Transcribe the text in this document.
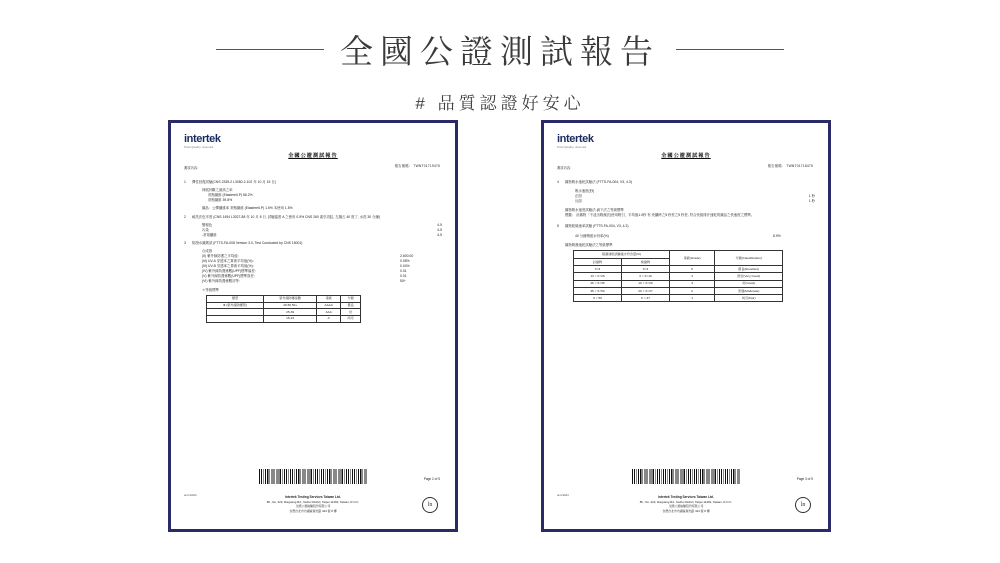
全國公證測試報告
# 品質認證好安心
intertek
Total Quality. Assured.
全國公證測試報告
報告號碼： TWNT01719475
測試內容：
1	彈性回復試驗(CNS 2339-2 L3050-2-102 年 10 月 15 日)
伸展折斷之最高之率
常態織維 (Elasterell-P) 66.2%
常態織維 39.8%
織品：公彈纖維率 常態織維 (Elasterell-P) 1.5% 本使用 1.5%
2	耐洗法色牢度 (CNS 1494 L3027-88 年 10 月 8 日, 試驗溫度 A 之使用 0.5% CNS 260 素引浴缸, 左織占 40 度了, 水洗 30 分鐘)
變褪色	4-5
污染	4-5
-常規纖維	4-5
3	防潑水織測試 (FTTS-FA-008 Version 3.0, Test Conducted by CNS 15001)
合成指
(II) 紫外線防護之平均值：	2,600.00
(III) UV-A 穿透率之算術平均值(%)：	0.05%
(III) UV-B 穿透率之算術平均值(%)：	0.04%
(IV) 紫外線防護係數(UPF)標準偏差：	0.01
(V) 紫外線防護係數(UPF)標準誤差：	0.01
(VI) 紫外線防護係數評等：	50+
＊等級標準
類型	紫外線防護係數	等級	分類
Ⅲ (紫外線防護型)	40-50 50+	AAAA	優良
	25-39	AAA	好
	15-24	A	尚可
Page 2 of 5
am/cbdsfd	Intertek Testing Services Taiwan Ltd.
8F., No. 423, Ruiguang Rd., Neihu District, Taipei 11492, Taiwan, R.O.C.
全國公證檢驗股份有限公司
台灣台北市內湖區瑞光路 423 號 8 樓
ln
intertek
Total Quality. Assured.
全國公證測試報告
報告號碼： TWNT01718475
測試內容：
4	織物吸水速乾試驗法 (FTTS-FA-004, V3, 4.3)
吸水速度(秒)
正面	1 秒
反面	1 秒
織物吸水速度試驗法-滴下法之等級標準
標籤： 計織物「不浸出吸濕法)使用吸引，平均值1.0秒 有 快纖時之5 秒差之5 秒差, 符合快級排汗速乾的織品之快速度之標準。
5	織物乾燥速率試驗 (FTTS-FA-004, V3, 4.2)
40 分鐘殘留水份率(%)	8.9%
織物吸濕速乾試驗法之等級標準
吸濕速乾試驗後水份含量(%)		等級(Grade)	分類(Classification)
針織物	梭織物		
X<3	X<3	5	優良(Excellent)
13 < X<26	3 < X<10	4	很好(Very Good)
26 < X<35	10 < X<20	3	好(Good)
35 < X<50	20 < X<27	2	普通(Moderate)
X < 50	X > 37	1	尚可(Fair)
Page 3 of 5
am/ckbdd	Intertek Testing Services Taiwan Ltd.
8F., No. 423, Ruiguang Rd., Neihu District, Taipei 11492, Taiwan, R.O.C.
全國公證檢驗股份有限公司
台灣台北市內湖區瑞光路 423 號 8 樓
ln
